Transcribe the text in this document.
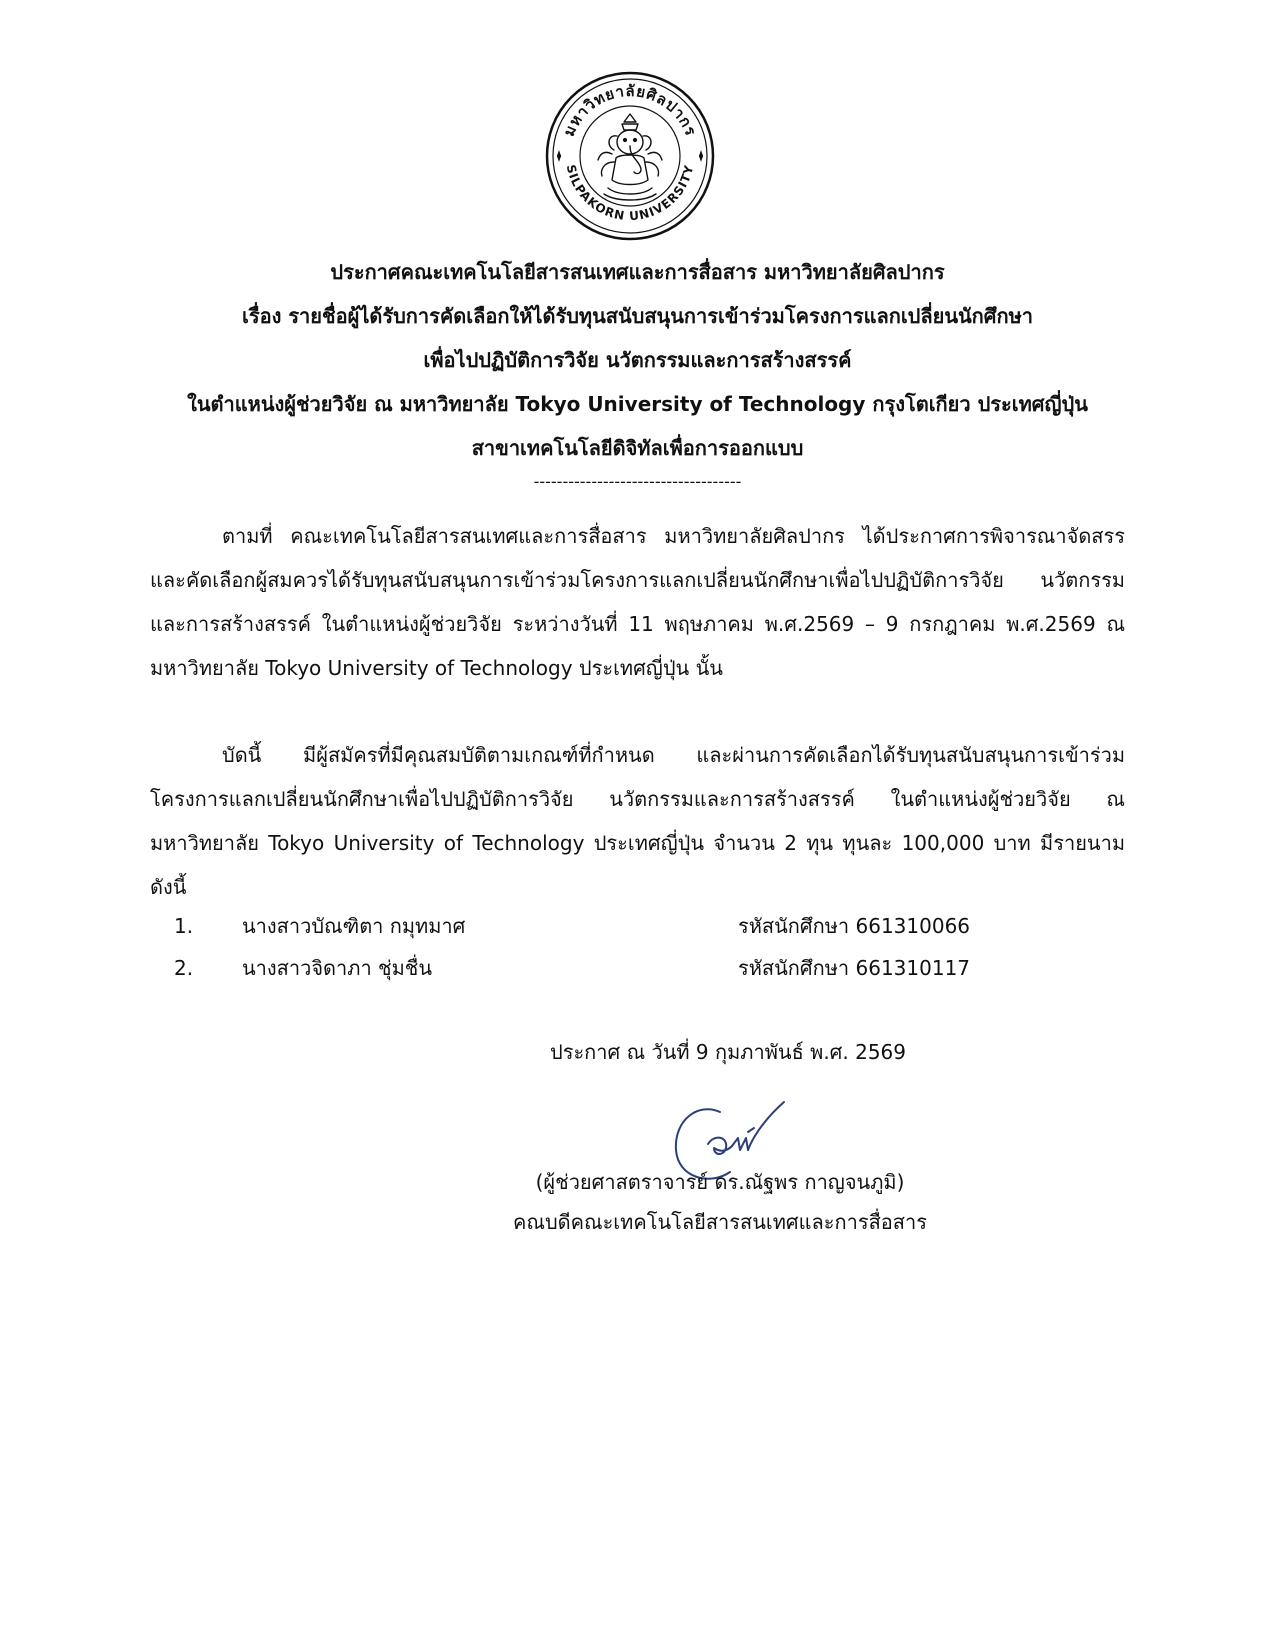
มหาวิทยาลัยศิลปากร
SILPAKORN UNIVERSITY
ประกาศคณะเทคโนโลยีสารสนเทศและการสื่อสาร มหาวิทยาลัยศิลปากร
เรื่อง รายชื่อผู้ได้รับการคัดเลือกให้ได้รับทุนสนับสนุนการเข้าร่วมโครงการแลกเปลี่ยนนักศึกษา
เพื่อไปปฏิบัติการวิจัย นวัตกรรมและการสร้างสรรค์
ในตำแหน่งผู้ช่วยวิจัย ณ มหาวิทยาลัย Tokyo University of Technology กรุงโตเกียว ประเทศญี่ปุ่น
สาขาเทคโนโลยีดิจิทัลเพื่อการออกแบบ
------------------------------------
ตามที่ คณะเทคโนโลยีสารสนเทศและการสื่อสาร มหาวิทยาลัยศิลปากร ได้ประกาศการพิจารณาจัดสรรและคัดเลือกผู้สมควรได้รับทุนสนับสนุนการเข้าร่วมโครงการแลกเปลี่ยนนักศึกษาเพื่อไปปฏิบัติการวิจัย นวัตกรรมและการสร้างสรรค์ ในตำแหน่งผู้ช่วยวิจัย ระหว่างวันที่ 11 พฤษภาคม พ.ศ.2569 – 9 กรกฎาคม พ.ศ.2569 ณ มหาวิทยาลัย Tokyo University of Technology ประเทศญี่ปุ่น นั้น
บัดนี้ มีผู้สมัครที่มีคุณสมบัติตามเกณฑ์ที่กำหนด และผ่านการคัดเลือกได้รับทุนสนับสนุนการเข้าร่วมโครงการแลกเปลี่ยนนักศึกษาเพื่อไปปฏิบัติการวิจัย นวัตกรรมและการสร้างสรรค์ ในตำแหน่งผู้ช่วยวิจัย ณ มหาวิทยาลัย Tokyo University of Technology ประเทศญี่ปุ่น จำนวน 2 ทุน ทุนละ 100,000 บาท มีรายนามดังนี้
1. นางสาวบัณฑิตา กมุทมาศ	รหัสนักศึกษา 661310066
2. นางสาวจิดาภา ชุ่มชื่น	รหัสนักศึกษา 661310117
ประกาศ ณ วันที่ 9 กุมภาพันธ์ พ.ศ. 2569
(ผู้ช่วยศาสตราจารย์ ดร.ณัฐพร กาญจนภูมิ)
คณบดีคณะเทคโนโลยีสารสนเทศและการสื่อสาร
